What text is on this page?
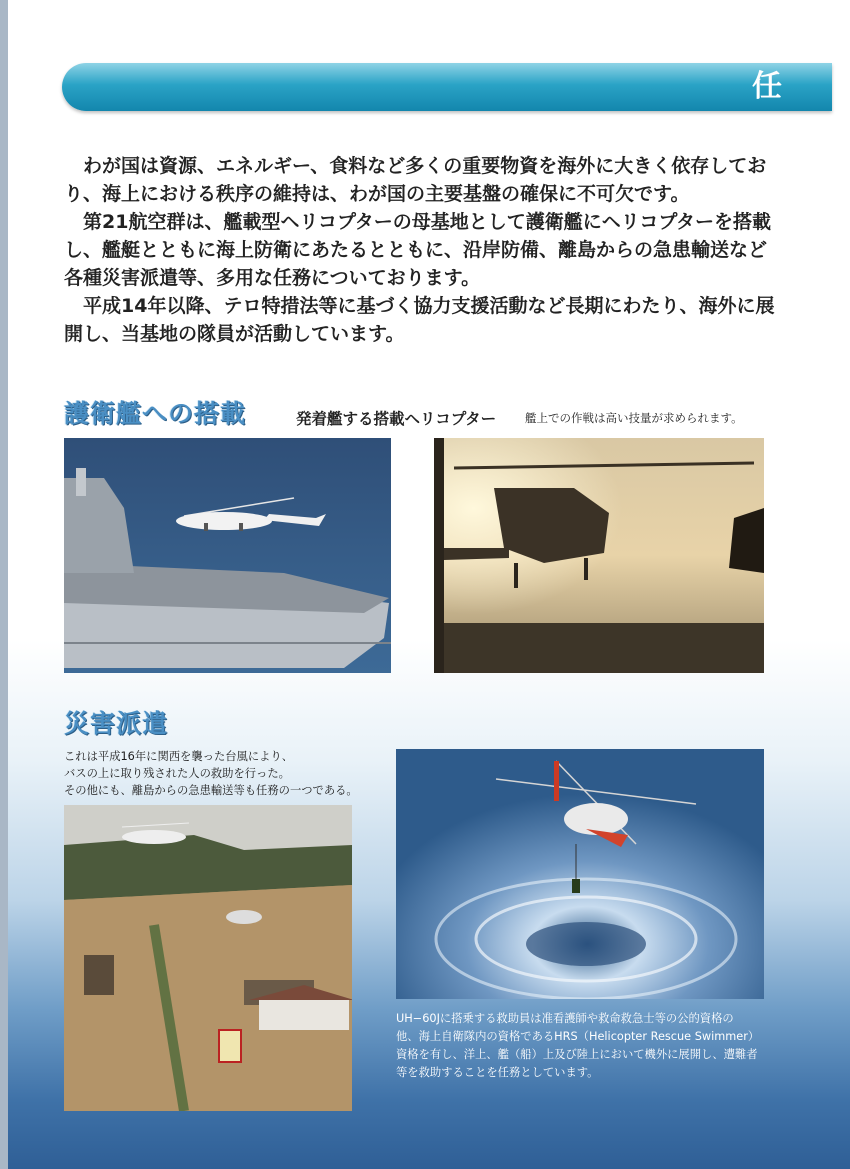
任

わが国は資源、エネルギー、食料など多くの重要物資を海外に大きく依存しており、海上における秩序の維持は、わが国の主要基盤の確保に不可欠です。

第21航空群は、艦載型ヘリコプターの母基地として護衛艦にヘリコプターを搭載し、艦艇とともに海上防衛にあたるとともに、沿岸防備、離島からの急患輸送など各種災害派遣等、多用な任務についております。

平成14年以降、テロ特措法等に基づく協力支援活動など長期にわたり、海外に展開し、当基地の隊員が活動しています。

護衛艦への搭載	発着艦する搭載ヘリコプター	艦上での作戦は高い技量が求められます。
災害派遣
これは平成16年に関西を襲った台風により、
バスの上に取り残された人の救助を行った。
その他にも、離島からの急患輸送等も任務の一つである。
UH−60Jに搭乗する救助員は准看護師や救命救急士等の公的資格の
他、海上自衛隊内の資格であるHRS（Helicopter Rescue Swimmer）
資格を有し、洋上、艦（船）上及び陸上において機外に展開し、遭難者
等を救助することを任務としています。
